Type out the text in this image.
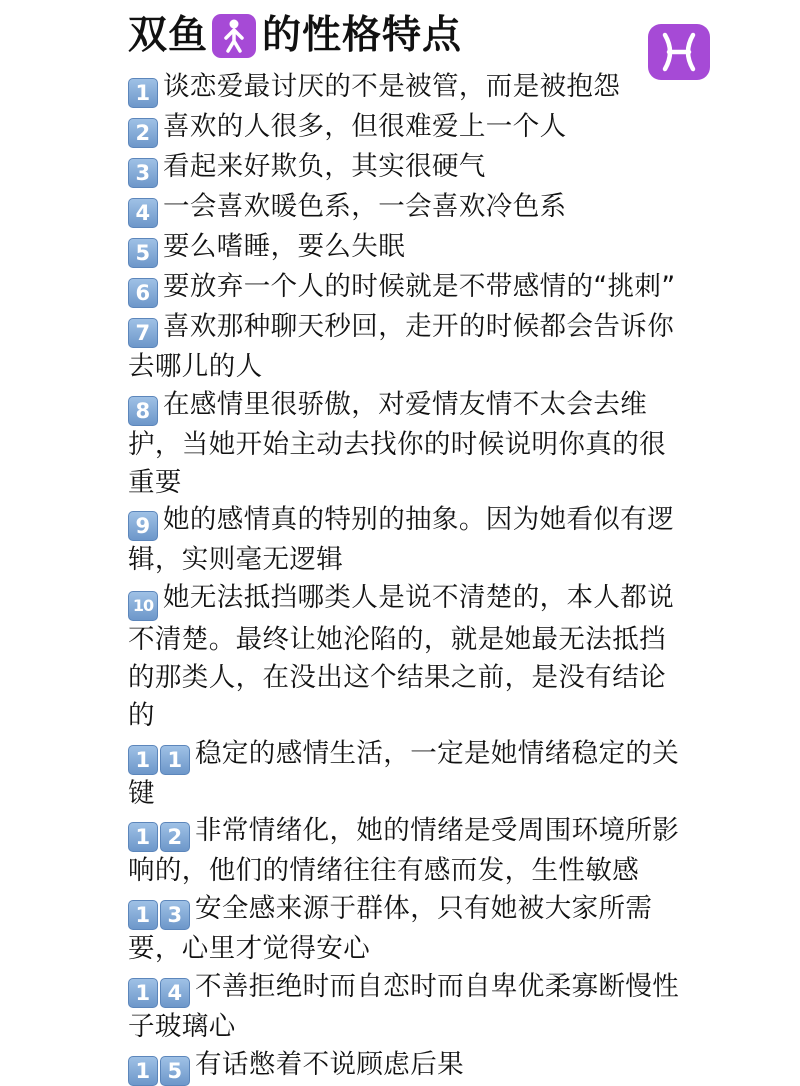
双鱼 的性格特点
1 谈恋爱最讨厌的不是被管，而是被抱怨
2 喜欢的人很多，但很难爱上一个人
3 看起来好欺负，其实很硬气
4 一会喜欢暖色系，一会喜欢冷色系
5 要么嗜睡，要么失眠
6 要放弃一个人的时候就是不带感情的“挑刺”
7 喜欢那种聊天秒回，走开的时候都会告诉你去哪儿的人
8 在感情里很骄傲，对爱情友情不太会去维护，当她开始主动去找你的时候说明你真的很重要
9 她的感情真的特别的抽象。因为她看似有逻辑，实则毫无逻辑
10 她无法抵挡哪类人是说不清楚的，本人都说不清楚。最终让她沦陷的，就是她最无法抵挡的那类人，在没出这个结果之前，是没有结论的
1 1 稳定的感情生活，一定是她情绪稳定的关键
1 2 非常情绪化，她的情绪是受周围环境所影响的，他们的情绪往往有感而发，生性敏感
1 3 安全感来源于群体，只有她被大家所需要，心里才觉得安心
1 4 不善拒绝时而自恋时而自卑优柔寡断慢性子玻璃心
1 5 有话憋着不说顾虑后果
